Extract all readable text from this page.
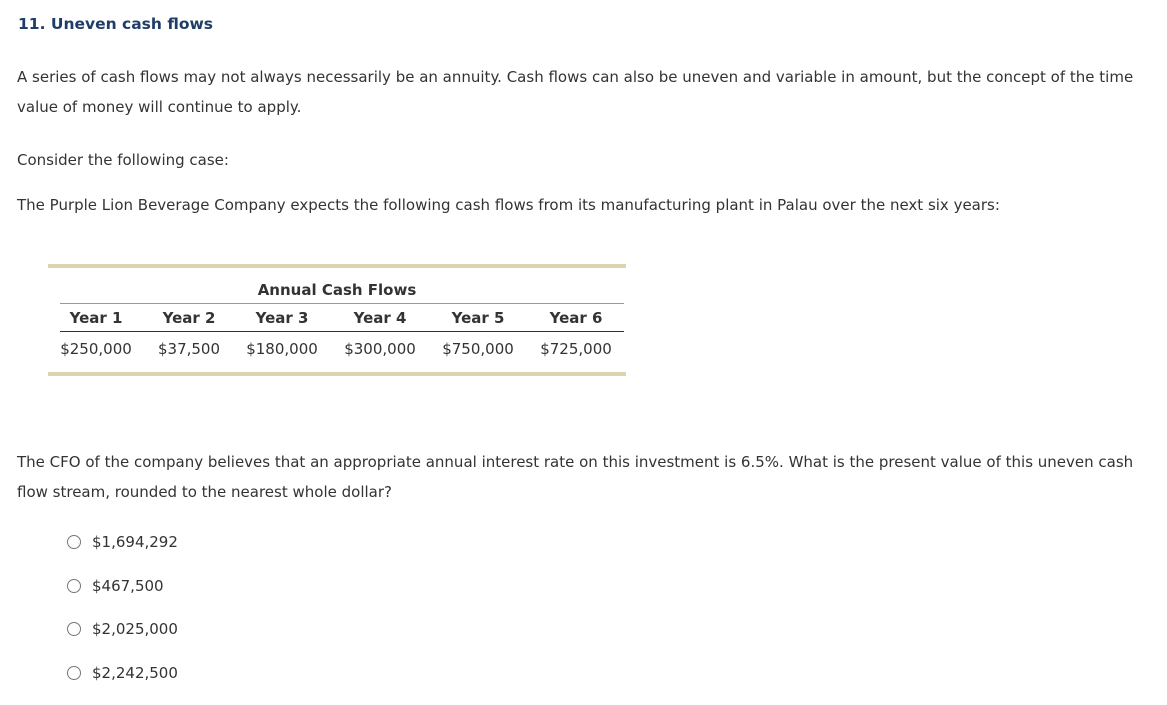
11. Uneven cash flows

A series of cash flows may not always necessarily be an annuity. Cash flows can also be uneven and variable in amount, but the concept of the time value of money will continue to apply.

Consider the following case:

The Purple Lion Beverage Company expects the following cash flows from its manufacturing plant in Palau over the next six years:

Annual Cash Flows
Year 1	Year 2	Year 3	Year 4	Year 5	Year 6
$250,000	$37,500	$180,000	$300,000	$750,000	$725,000

The CFO of the company believes that an appropriate annual interest rate on this investment is 6.5%. What is the present value of this uneven cash flow stream, rounded to the nearest whole dollar?

$1,694,292
$467,500
$2,025,000
$2,242,500
